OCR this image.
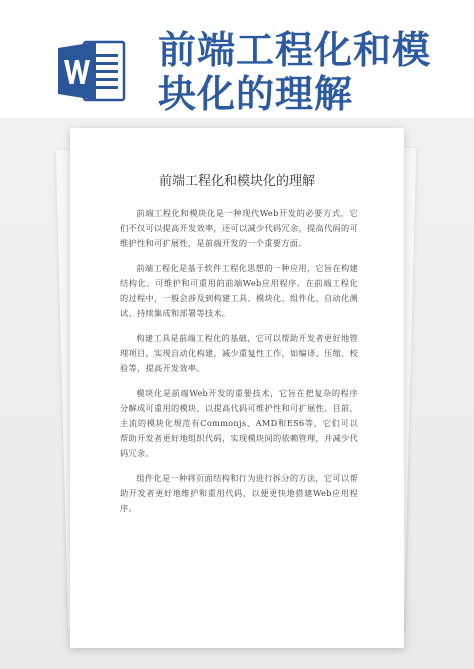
前端工程化和模块化的理解
前端工程化和模块化的理解

前端工程化和模块化是一种现代Web开发的必要方式，它们不仅可以提高开发效率，还可以减少代码冗余，提高代码的可维护性和可扩展性，是前端开发的一个重要方面。

前端工程化是基于软件工程化思想的一种应用，它旨在构建结构化、可维护和可重用的前端Web应用程序。在前端工程化的过程中，一般会涉及到构建工具、模块化、组件化、自动化测试、持续集成和部署等技术。

构建工具是前端工程化的基础，它可以帮助开发者更好地管理项目，实现自动化构建，减少重复性工作，如编译、压缩、校验等，提高开发效率。

模块化是前端Web开发的重要技术，它旨在把复杂的程序分解成可重用的模块，以提高代码可维护性和可扩展性。目前，主流的模块化规范有Commonjs、AMD和ES6等，它们可以帮助开发者更好地组织代码，实现模块间的依赖管理，并减少代码冗余。

组件化是一种将页面结构和行为进行拆分的方法，它可以帮助开发者更好地维护和重用代码，以便更快地搭建Web应用程序。
